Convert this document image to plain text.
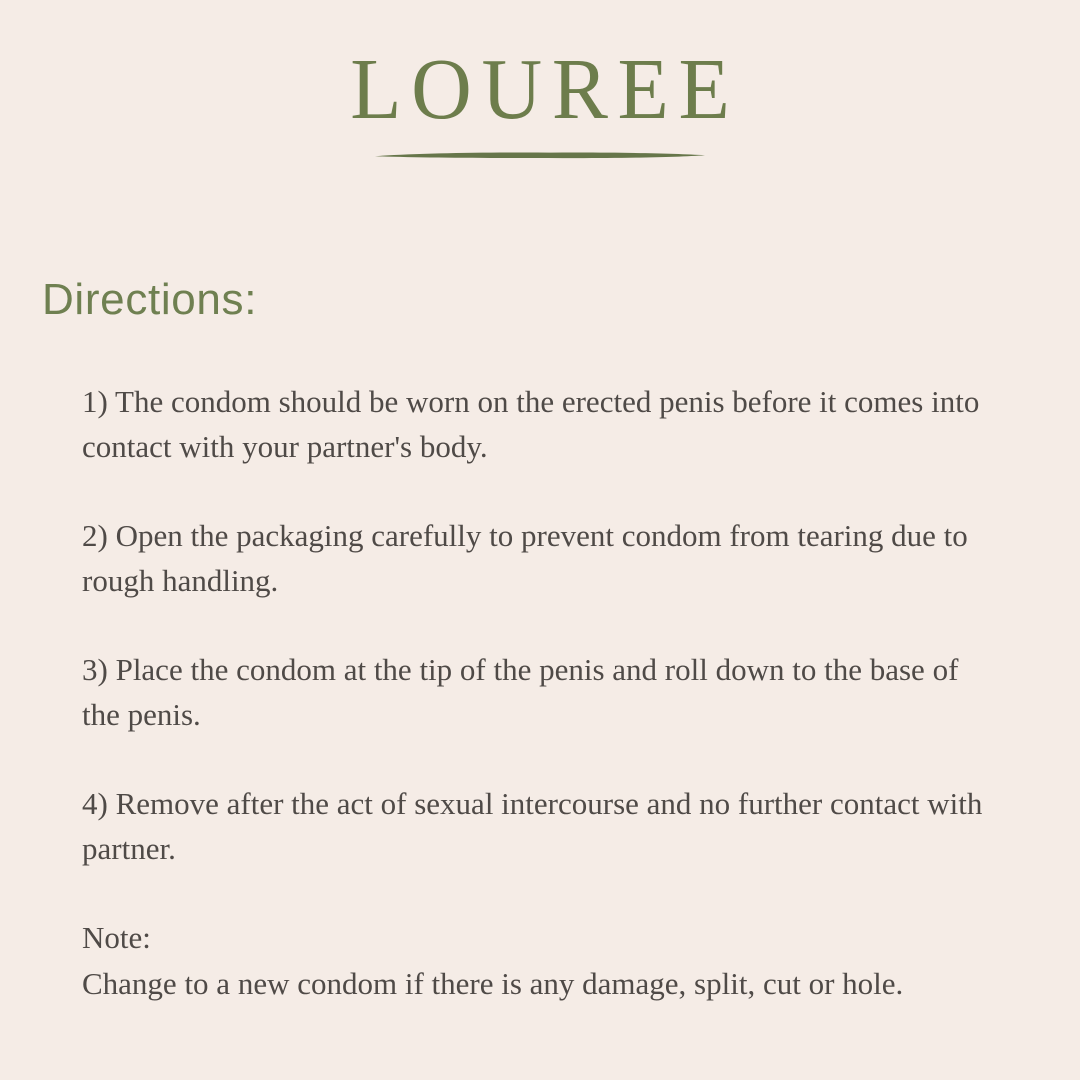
LOUREE
Directions:

1) The condom should be worn on the erected penis before it comes into contact with your partner's body.

2) Open the packaging carefully to prevent condom from tearing due to rough handling.

3) Place the condom at the tip of the penis and roll down to the base of the penis.

4) Remove after the act of sexual intercourse and no further contact with partner.

Note:
Change to a new condom if there is any damage, split, cut or hole.
